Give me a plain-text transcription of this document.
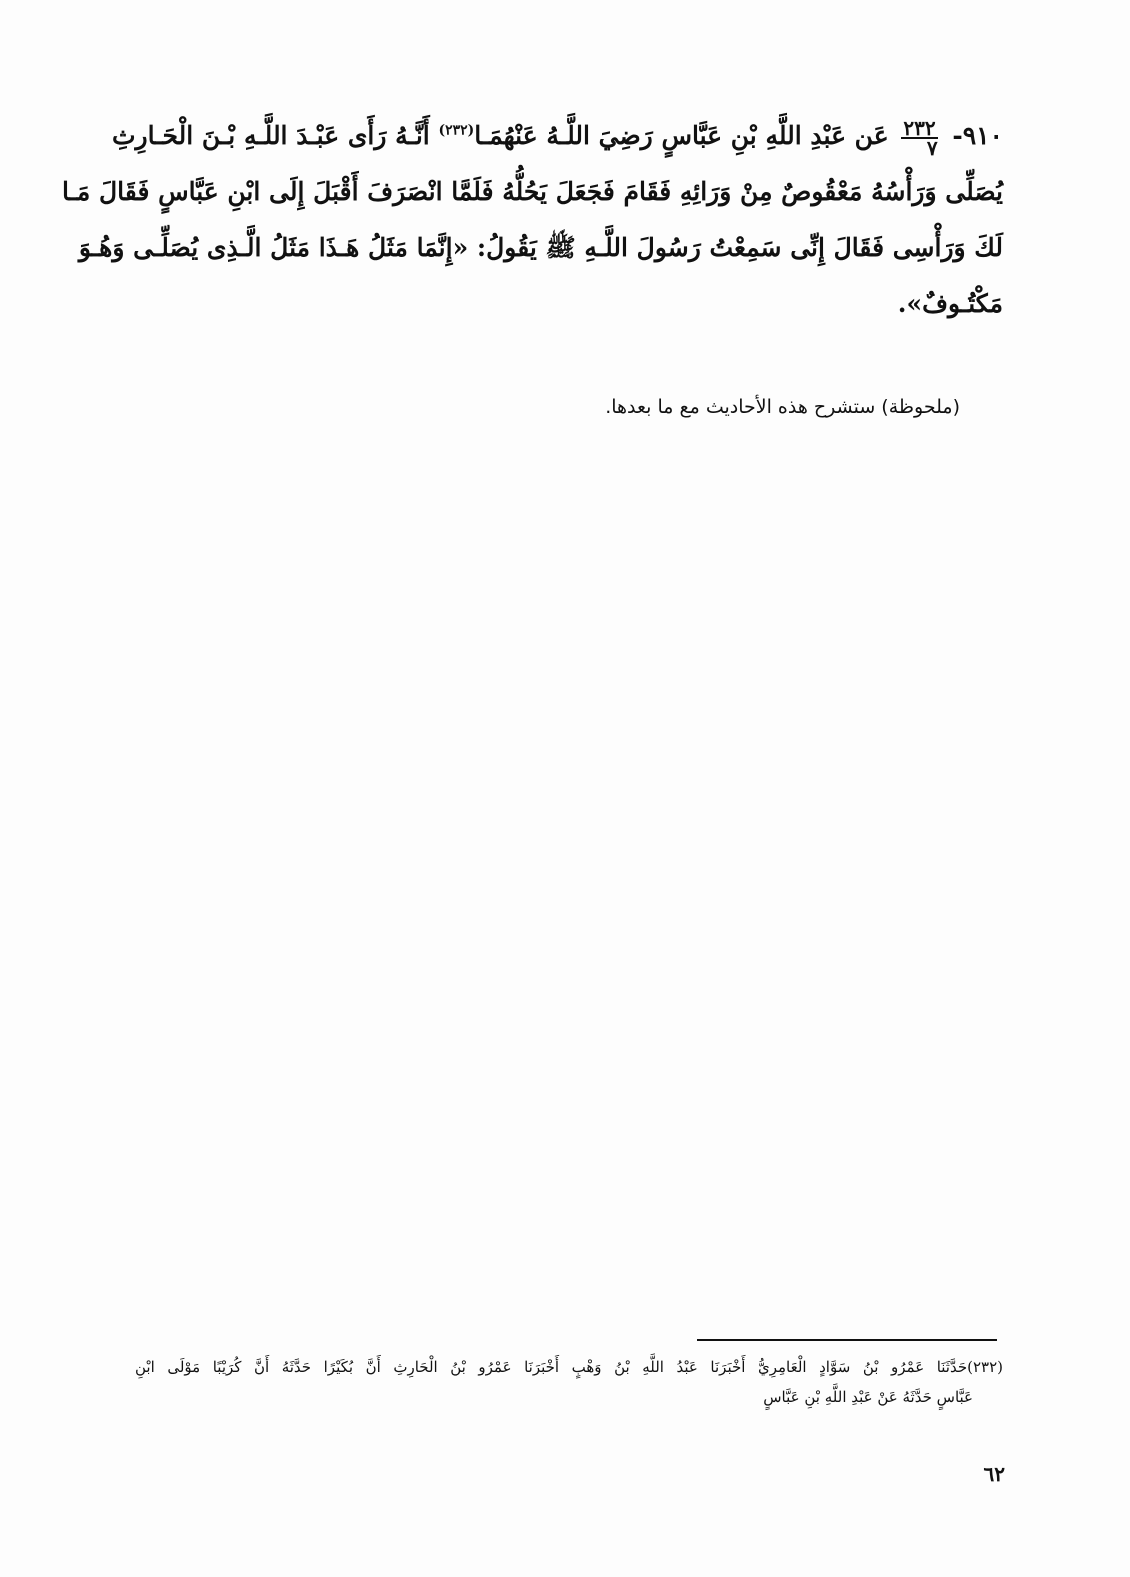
٩١٠-
$\frac{٢٣٢}{٧}$
عَن عَبْدِ اللَّهِ بْنِ عَبَّاسٍ رَضِيَ اللَّـهُ عَنْهُمَـا$^{(٢٣٢)}$ أَنَّـهُ رَأَى عَبْـدَ اللَّـهِ بْـنَ الْحَـارِثِ
يُصَلِّى وَرَأْسُهُ مَعْقُوصٌ مِنْ وَرَائِهِ فَقَامَ فَجَعَلَ يَحُلُّهُ فَلَمَّا انْصَرَفَ أَقْبَلَ إِلَى ابْنِ عَبَّاسٍ فَقَالَ مَـا
لَكَ وَرَأْسِى فَقَالَ إِنِّى سَمِعْتُ رَسُولَ اللَّـهِ ﷺ يَقُولُ: «إِنَّمَا مَثَلُ هَـذَا مَثَلُ الَّـذِى يُصَلِّـى وَهُـوَ
مَكْتُـوفٌ».
(ملحوظة) ستشرح هذه الأحاديث مع ما بعدها.
(٢٣٢)حَدَّثَنَا عَمْرُو بْنُ سَوَّادٍ الْعَامِرِيُّ أَخْبَرَنَا عَبْدُ اللَّهِ بْنُ وَهْبٍ أَخْبَرَنَا عَمْرُو بْنُ الْحَارِثِ أَنَّ بُكَيْرًا حَدَّثَهُ أَنَّ كُرَيْبًا مَوْلَى ابْنِ
عَبَّاسٍ حَدَّثَهُ عَنْ عَبْدِ اللَّهِ بْنِ عَبَّاسٍ
٦٢
